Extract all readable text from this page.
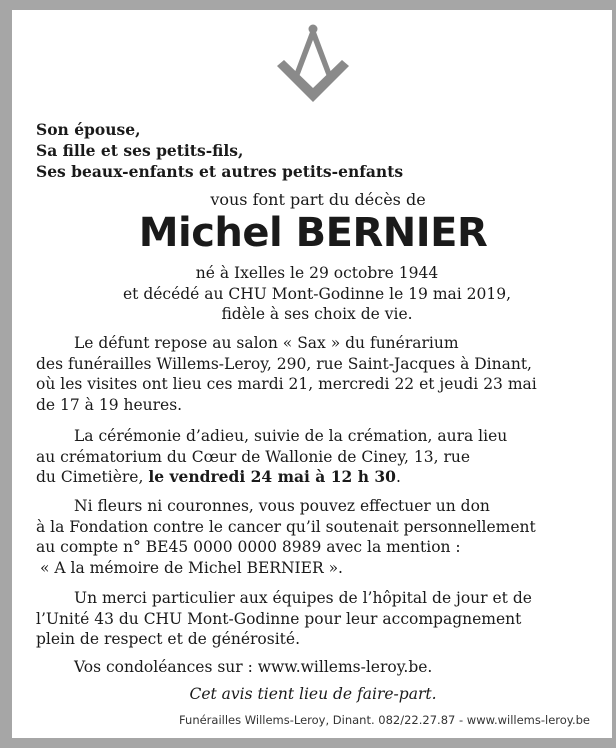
Son épouse,
Sa fille et ses petits-fils,
Ses beaux-enfants et autres petits-enfants
vous font part du décès de
Michel BERNIER
né à Ixelles le 29 octobre 1944
et décédé au CHU Mont-Godinne le 19 mai 2019,
fidèle à ses choix de vie.
Le défunt repose au salon « Sax » du funérarium
des funérailles Willems-Leroy, 290, rue Saint-Jacques à Dinant,
où les visites ont lieu ces mardi 21, mercredi 22 et jeudi 23 mai
de 17 à 19 heures.
La cérémonie d’adieu, suivie de la crémation, aura lieu
au crématorium du Cœur de Wallonie de Ciney, 13, rue
du Cimetière, le vendredi 24 mai à 12 h 30.
Ni fleurs ni couronnes, vous pouvez effectuer un don
à la Fondation contre le cancer qu’il soutenait personnellement
au compte n° BE45 0000 0000 8989 avec la mention :
« A la mémoire de Michel BERNIER ».
Un merci particulier aux équipes de l’hôpital de jour et de
l’Unité 43 du CHU Mont-Godinne pour leur accompagnement
plein de respect et de générosité.
Vos condoléances sur : www.willems-leroy.be.
Cet avis tient lieu de faire-part.
Funérailles Willems-Leroy, Dinant. 082/22.27.87 - www.willems-leroy.be
